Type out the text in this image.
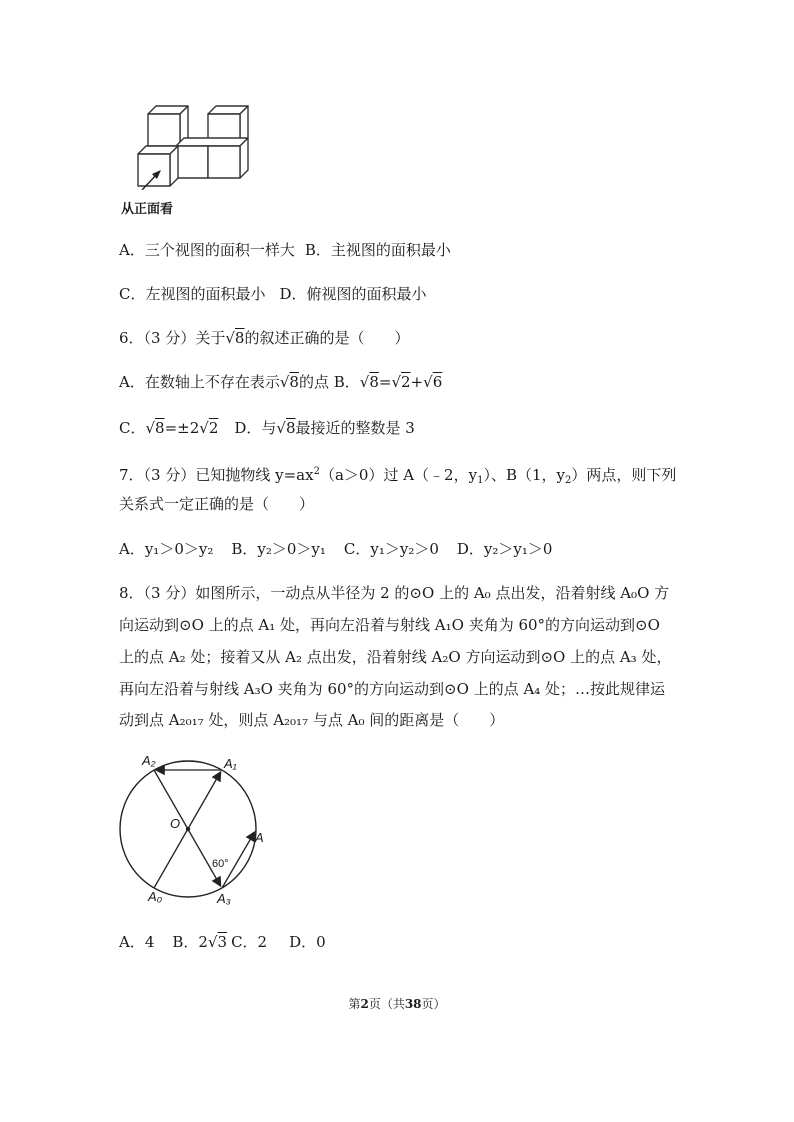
从正面看
A．三个视图的面积一样大 B．主视图的面积最小
C．左视图的面积最小 D．俯视图的面积最小
6．（3 分）关于√8的叙述正确的是（　　）
A．在数轴上不存在表示√8的点 B．√8=√2+√6
C．√8=±2√2 D．与√8最接近的整数是 3
7．（3 分）已知抛物线 $y=ax^2(a>0)$过 A（﹣2，$y_1$）、B（1，$y_2$）两点，则下列
关系式一定正确的是（　　）
A．y₁＞0＞y₂ B．y₂＞0＞y₁ C．y₁＞y₂＞0 D．y₂＞y₁＞0
8．（3 分）如图所示，一动点从半径为 2 的⊙O 上的 A₀ 点出发，沿着射线 A₀O 方
向运动到⊙O 上的点 A₁ 处，再向左沿着与射线 A₁O 夹角为 60°的方向运动到⊙O
上的点 A₂ 处；接着又从 A₂ 点出发，沿着射线 A₂O 方向运动到⊙O 上的点 A₃ 处，
再向左沿着与射线 A₃O 夹角为 60°的方向运动到⊙O 上的点 A₄ 处；…按此规律运
动到点 A₂₀₁₇ 处，则点 A₂₀₁₇ 与点 A₀ 间的距离是（　　）
A₂	A₁
O
A
A₀	A₃
60°
A．4 B．2√3 C．2 D．0
第2页（共38页）
